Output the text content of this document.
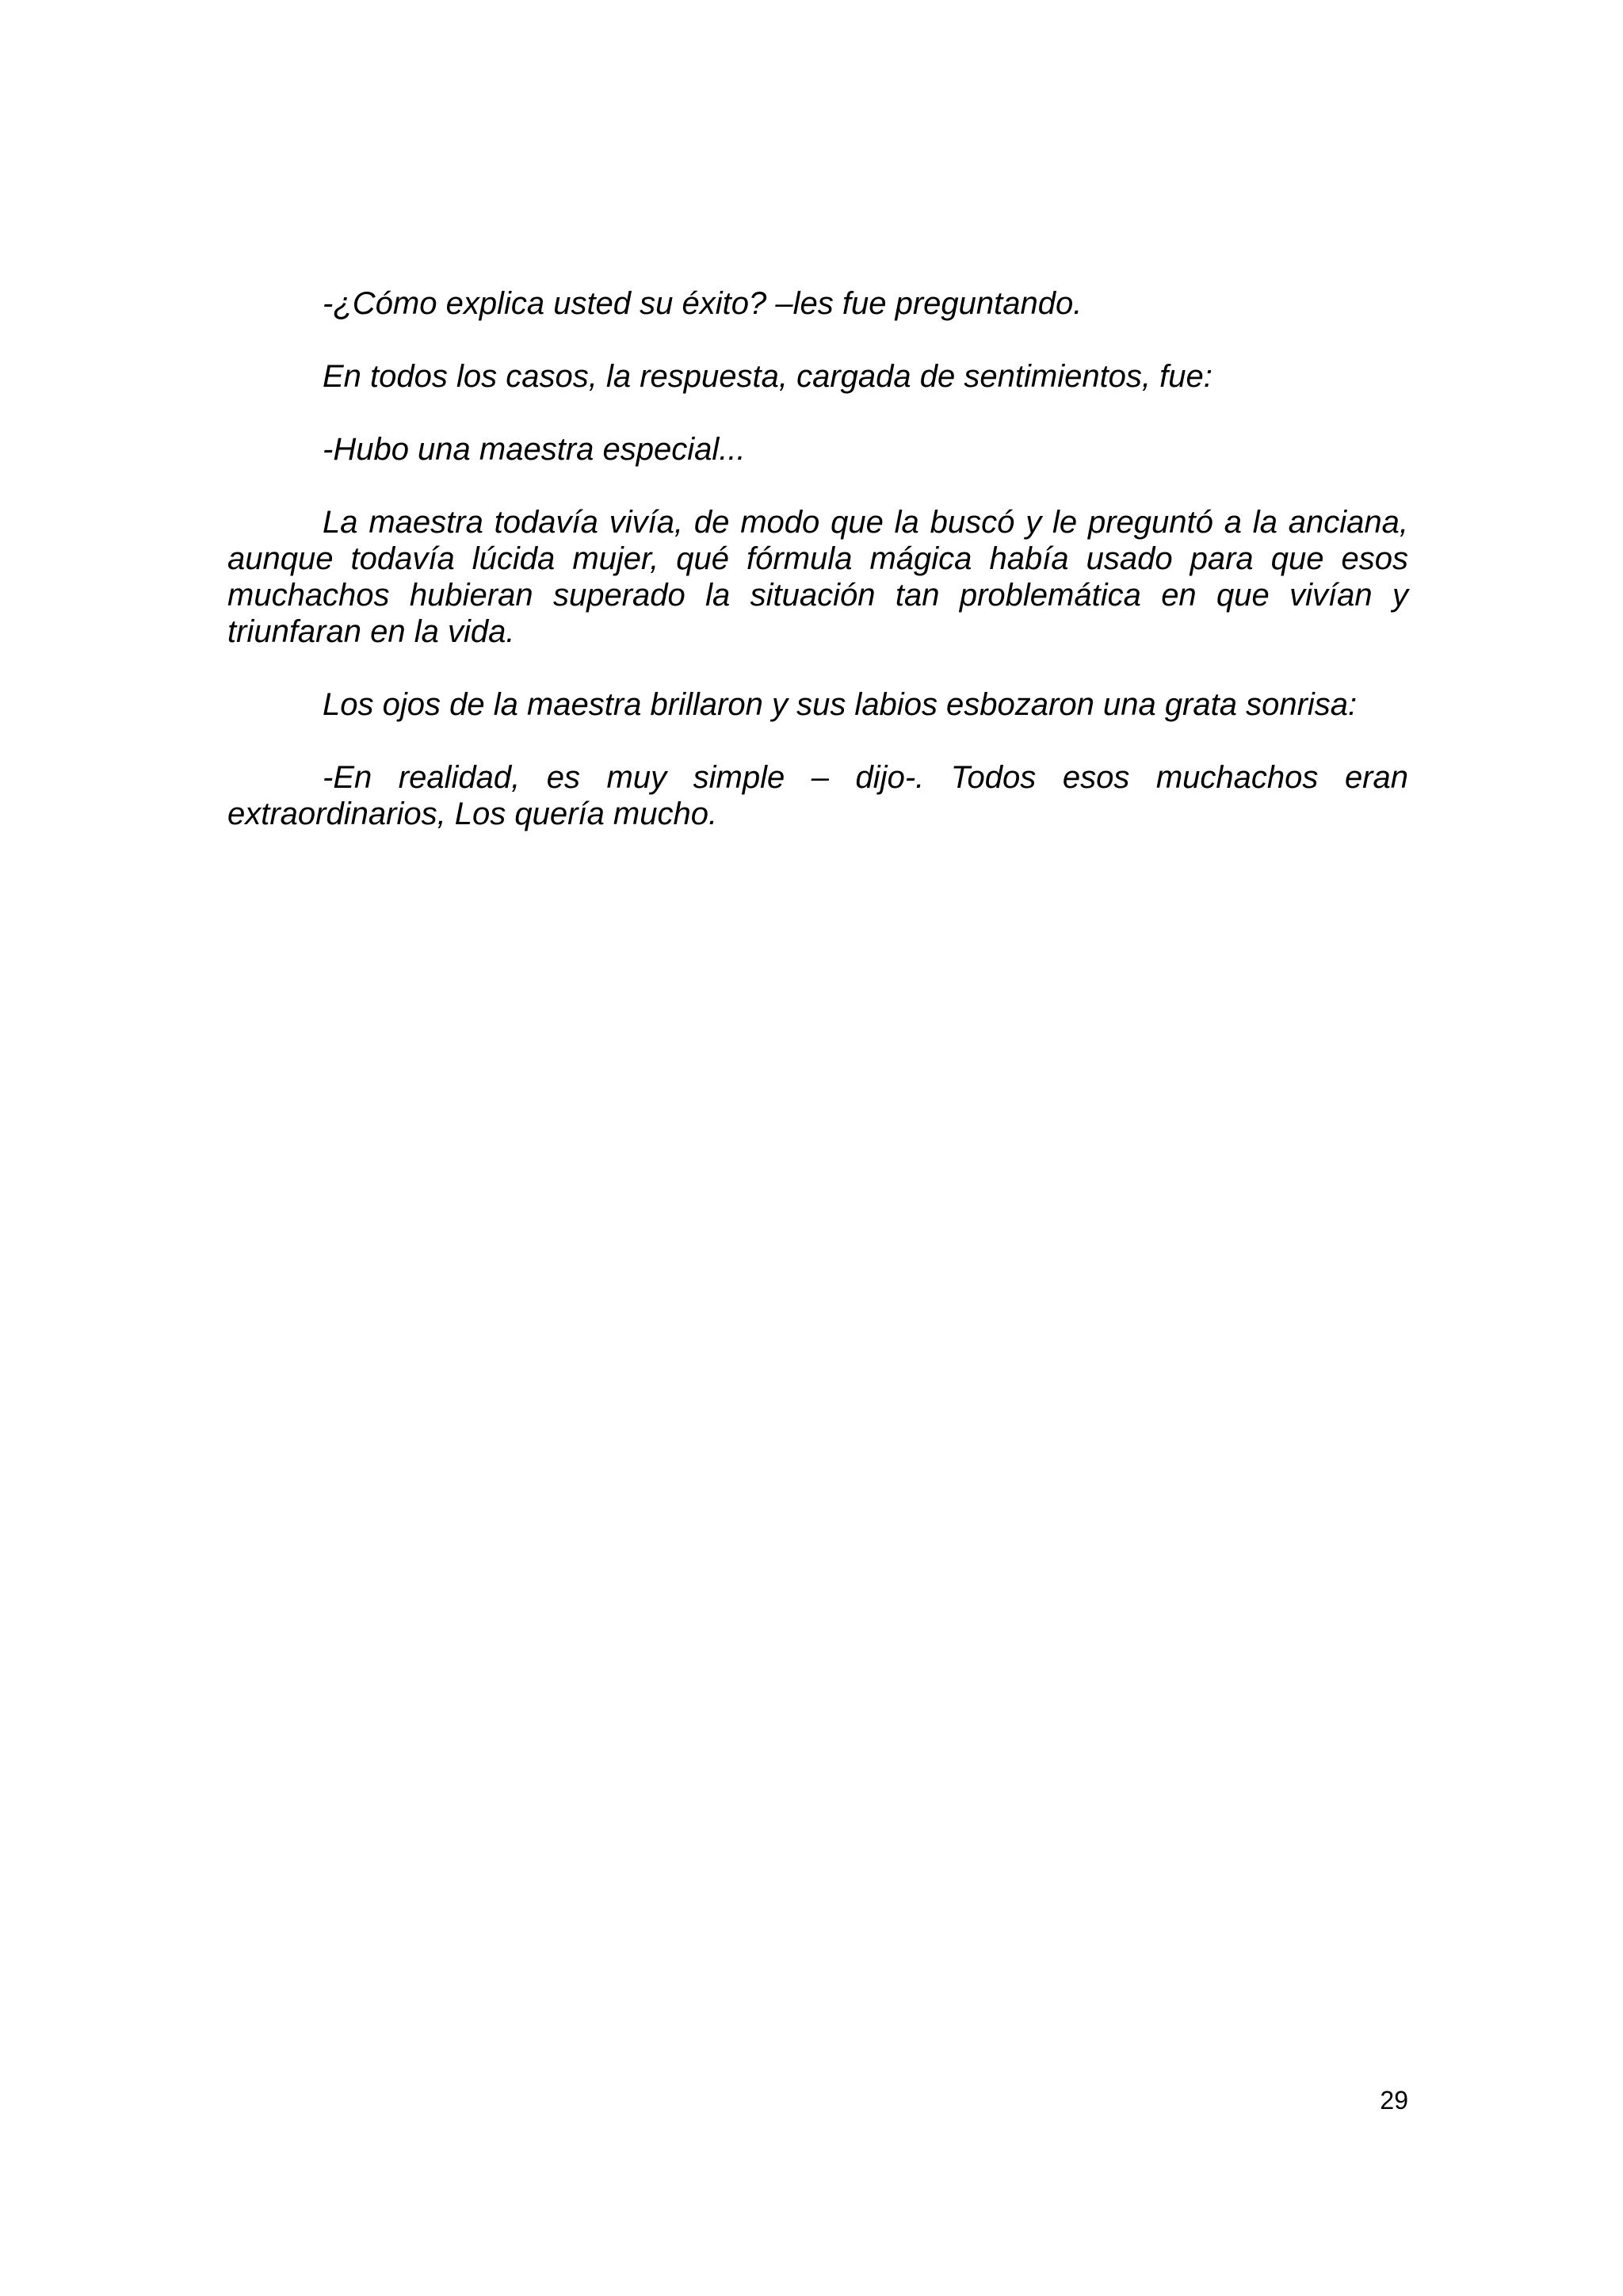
-¿Cómo explica usted su éxito? –les fue preguntando.

En todos los casos, la respuesta, cargada de sentimientos, fue:

-Hubo una maestra especial...

La maestra todavía vivía, de modo que la buscó y le preguntó a la anciana, aunque todavía lúcida mujer, qué fórmula mágica había usado para que esos muchachos hubieran superado la situación tan problemática en que vivían y triunfaran en la vida.

Los ojos de la maestra brillaron y sus labios esbozaron una grata sonrisa:

-En realidad, es muy simple – dijo-. Todos esos muchachos eran extraordinarios, Los quería mucho.

29
